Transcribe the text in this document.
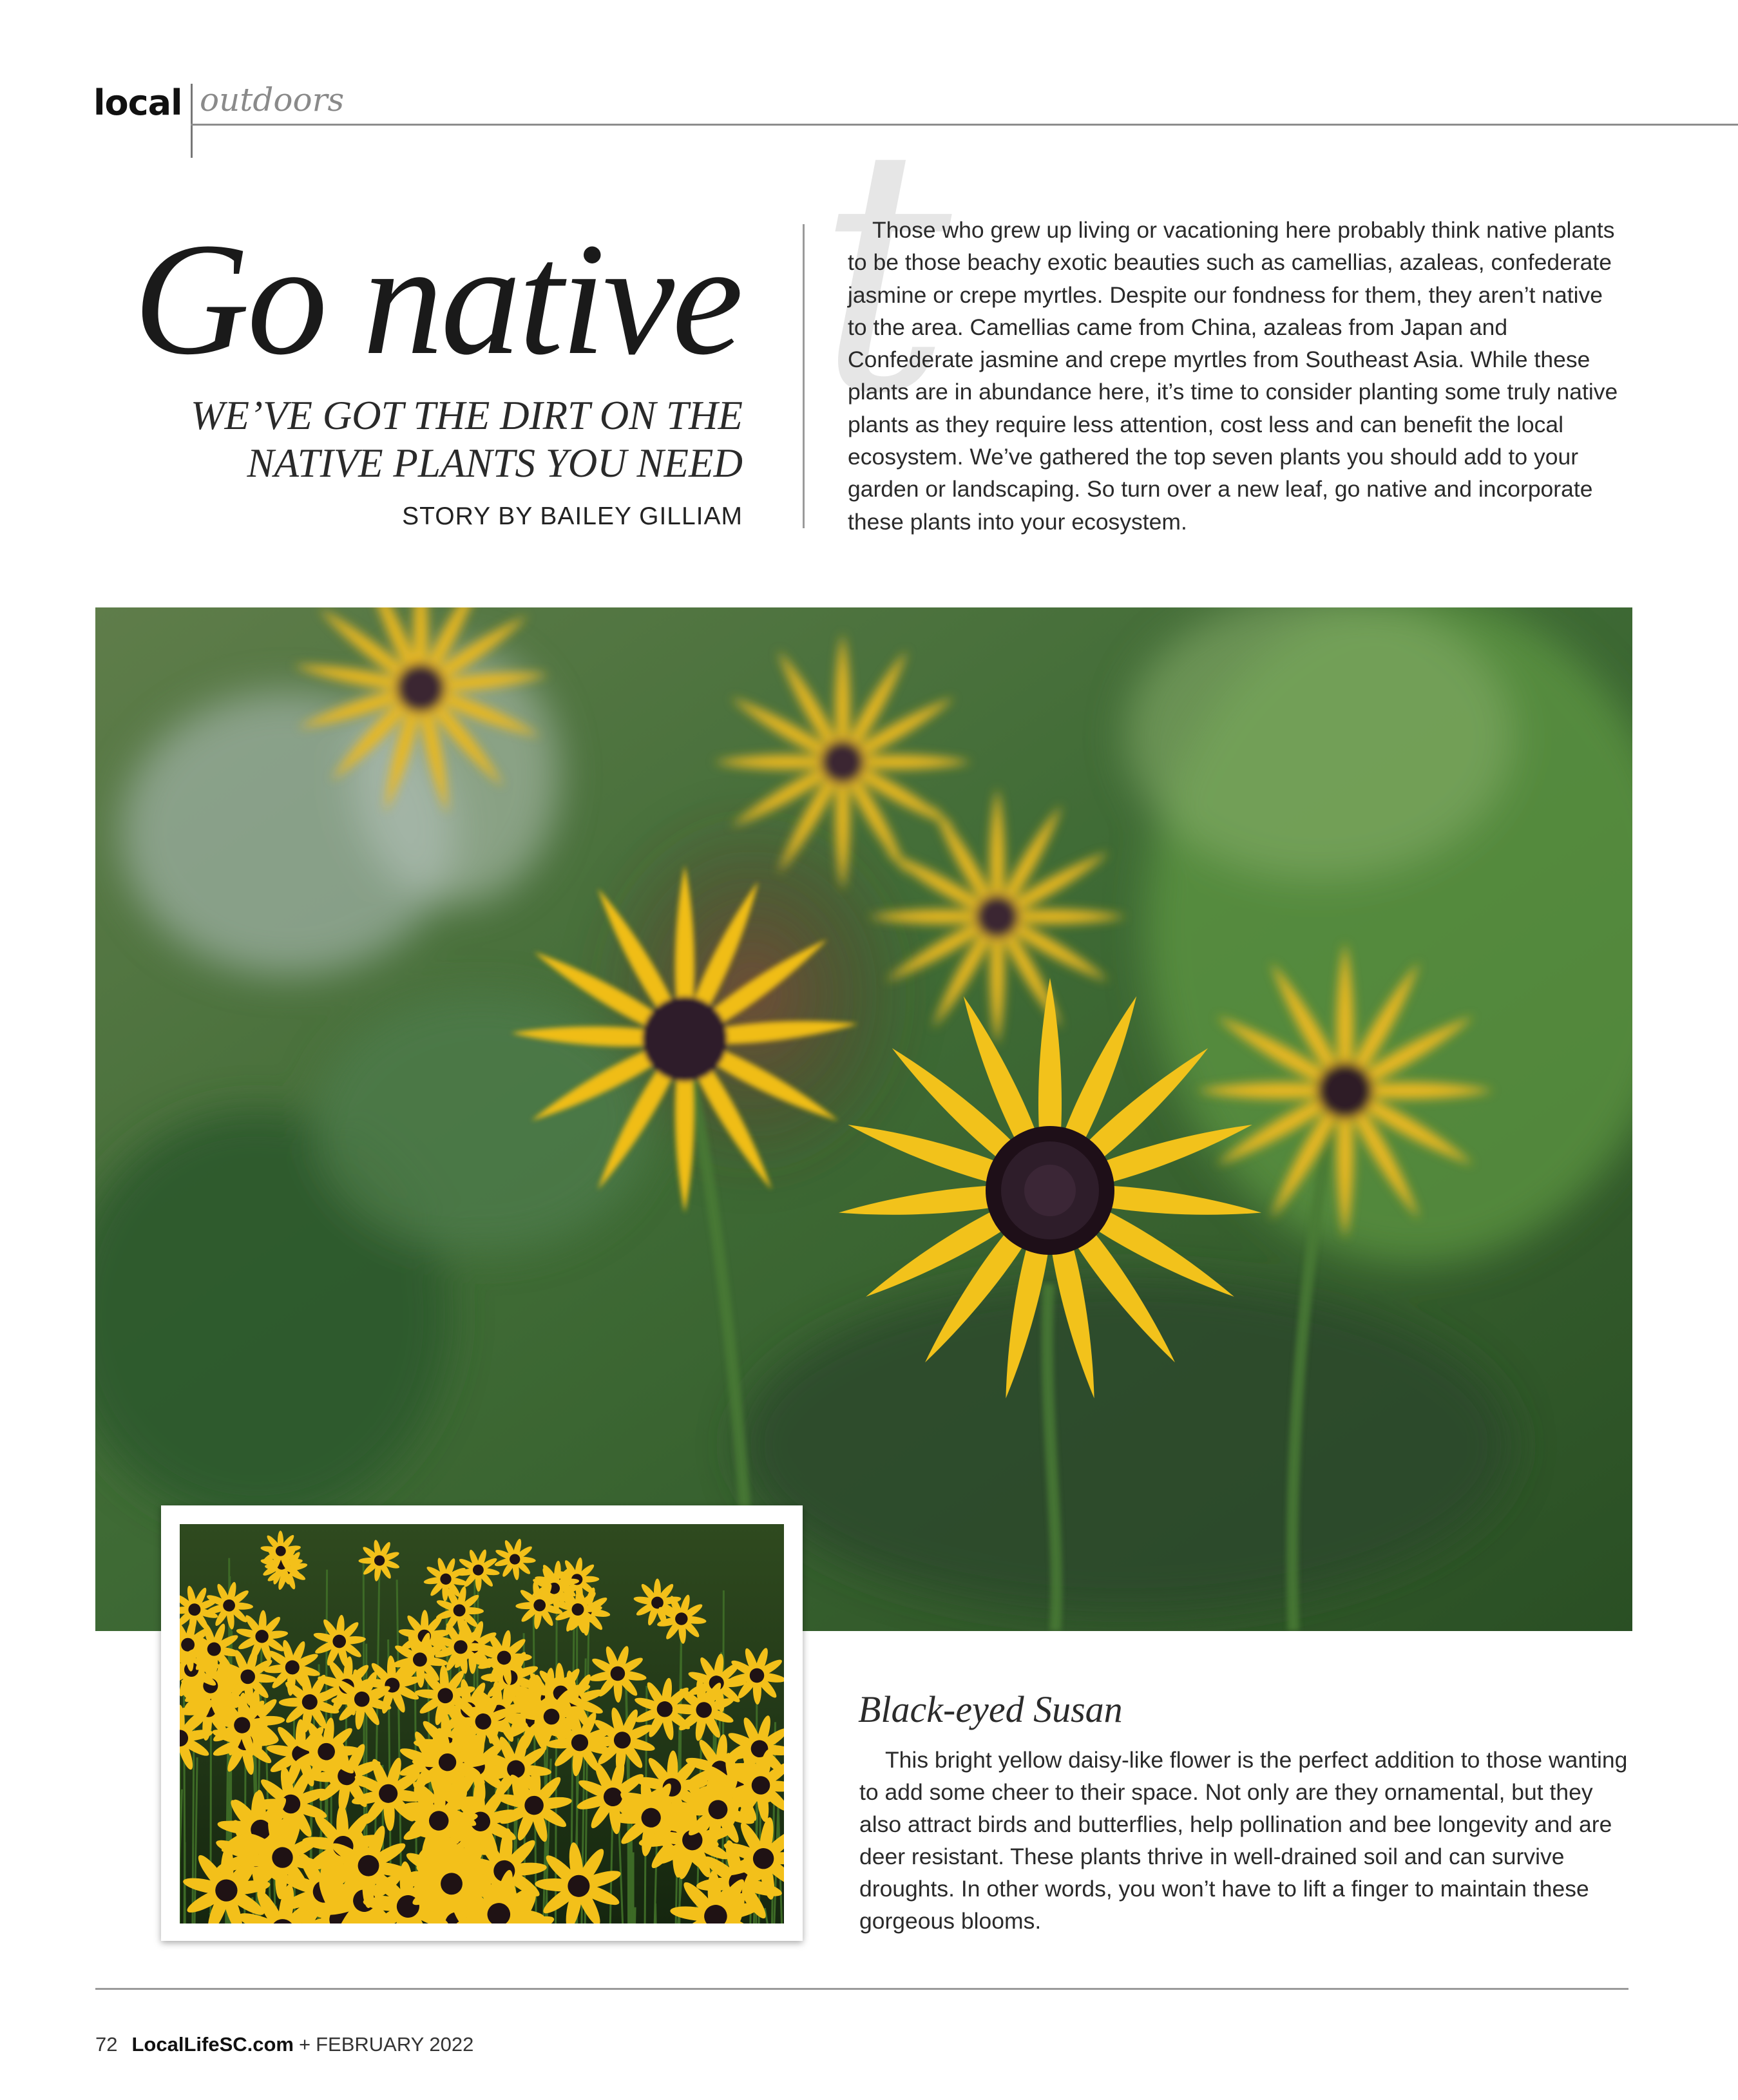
local outdoors
Go native
WE’VE GOT THE DIRT ON THE NATIVE PLANTS YOU NEED
STORY BY BAILEY GILLIAM
t

Those who grew up living or vacationing here probably think native plants to be those beachy exotic beauties such as camellias, azaleas, confederate jasmine or crepe myrtles. Despite our fondness for them, they aren’t native to the area. Camellias came from China, azaleas from Japan and Confederate jasmine and crepe myrtles from Southeast Asia. While these plants are in abundance here, it’s time to consider planting some truly native plants as they require less attention, cost less and can benefit the local ecosystem. We’ve gathered the top seven plants you should add to your garden or landscaping. So turn over a new leaf, go native and incorporate these plants into your ecosystem.

Black-eyed Susan

This bright yellow daisy-like flower is the perfect addition to those wanting to add some cheer to their space. Not only are they ornamental, but they also attract birds and butterflies, help pollination and bee longevity and are deer resistant. These plants thrive in well-drained soil and can survive droughts. In other words, you won’t have to lift a finger to maintain these gorgeous blooms.

72 LocalLifeSC.com + FEBRUARY 2022
